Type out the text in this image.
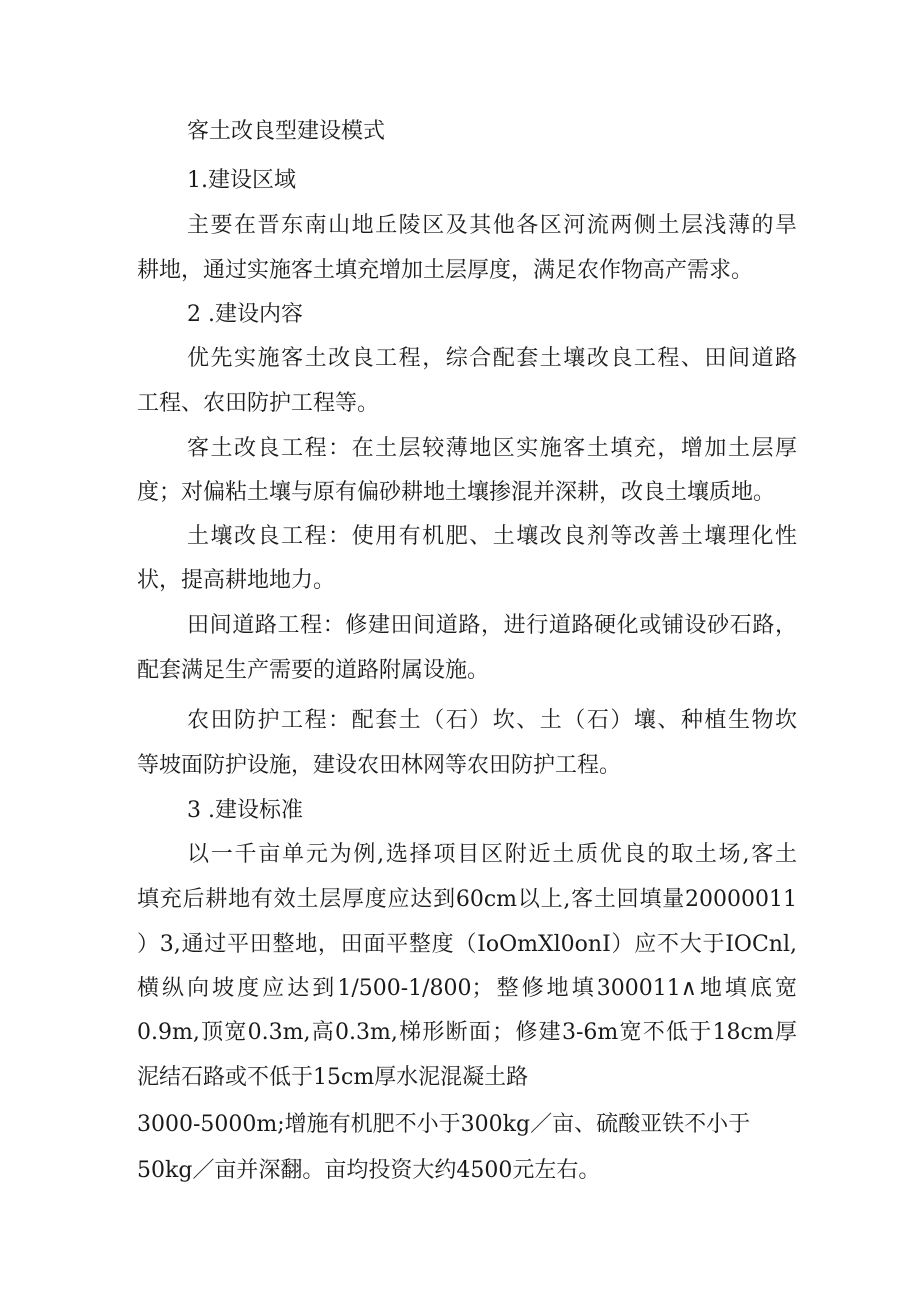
客土改良型建设模式
1.建设区域
主要在晋东南山地丘陵区及其他各区河流两侧土层浅薄的旱
耕地，通过实施客土填充增加土层厚度，满足农作物高产需求。
2 .建设内容
优先实施客土改良工程，综合配套土壤改良工程、田间道路
工程、农田防护工程等。
客土改良工程：在土层较薄地区实施客土填充，增加土层厚
度；对偏粘土壤与原有偏砂耕地土壤掺混并深耕，改良土壤质地。
土壤改良工程：使用有机肥、土壤改良剂等改善土壤理化性
状，提高耕地地力。
田间道路工程：修建田间道路，进行道路硬化或铺设砂石路，
配套满足生产需要的道路附属设施。
农田防护工程：配套土（石）坎、土（石）壤、种植生物坎
等坡面防护设施，建设农田林网等农田防护工程。
3 .建设标准
以一千亩单元为例,选择项目区附近土质优良的取土场,客土
填充后耕地有效土层厚度应达到60cm以上,客土回填量20000011
）3,通过平田整地，田面平整度（IoOmXl0onI）应不大于IOCnl,
横纵向坡度应达到1/500-1/800；整修地填300011∧地填底宽
0.9m,顶宽0.3m,高0.3m,梯形断面；修建3-6m宽不低于18cm厚
泥结石路或不低于15cm厚水泥混凝土路
3000-5000m;增施有机肥不小于300kg／亩、硫酸亚铁不小于
50kg／亩并深翻。亩均投资大约4500元左右。
